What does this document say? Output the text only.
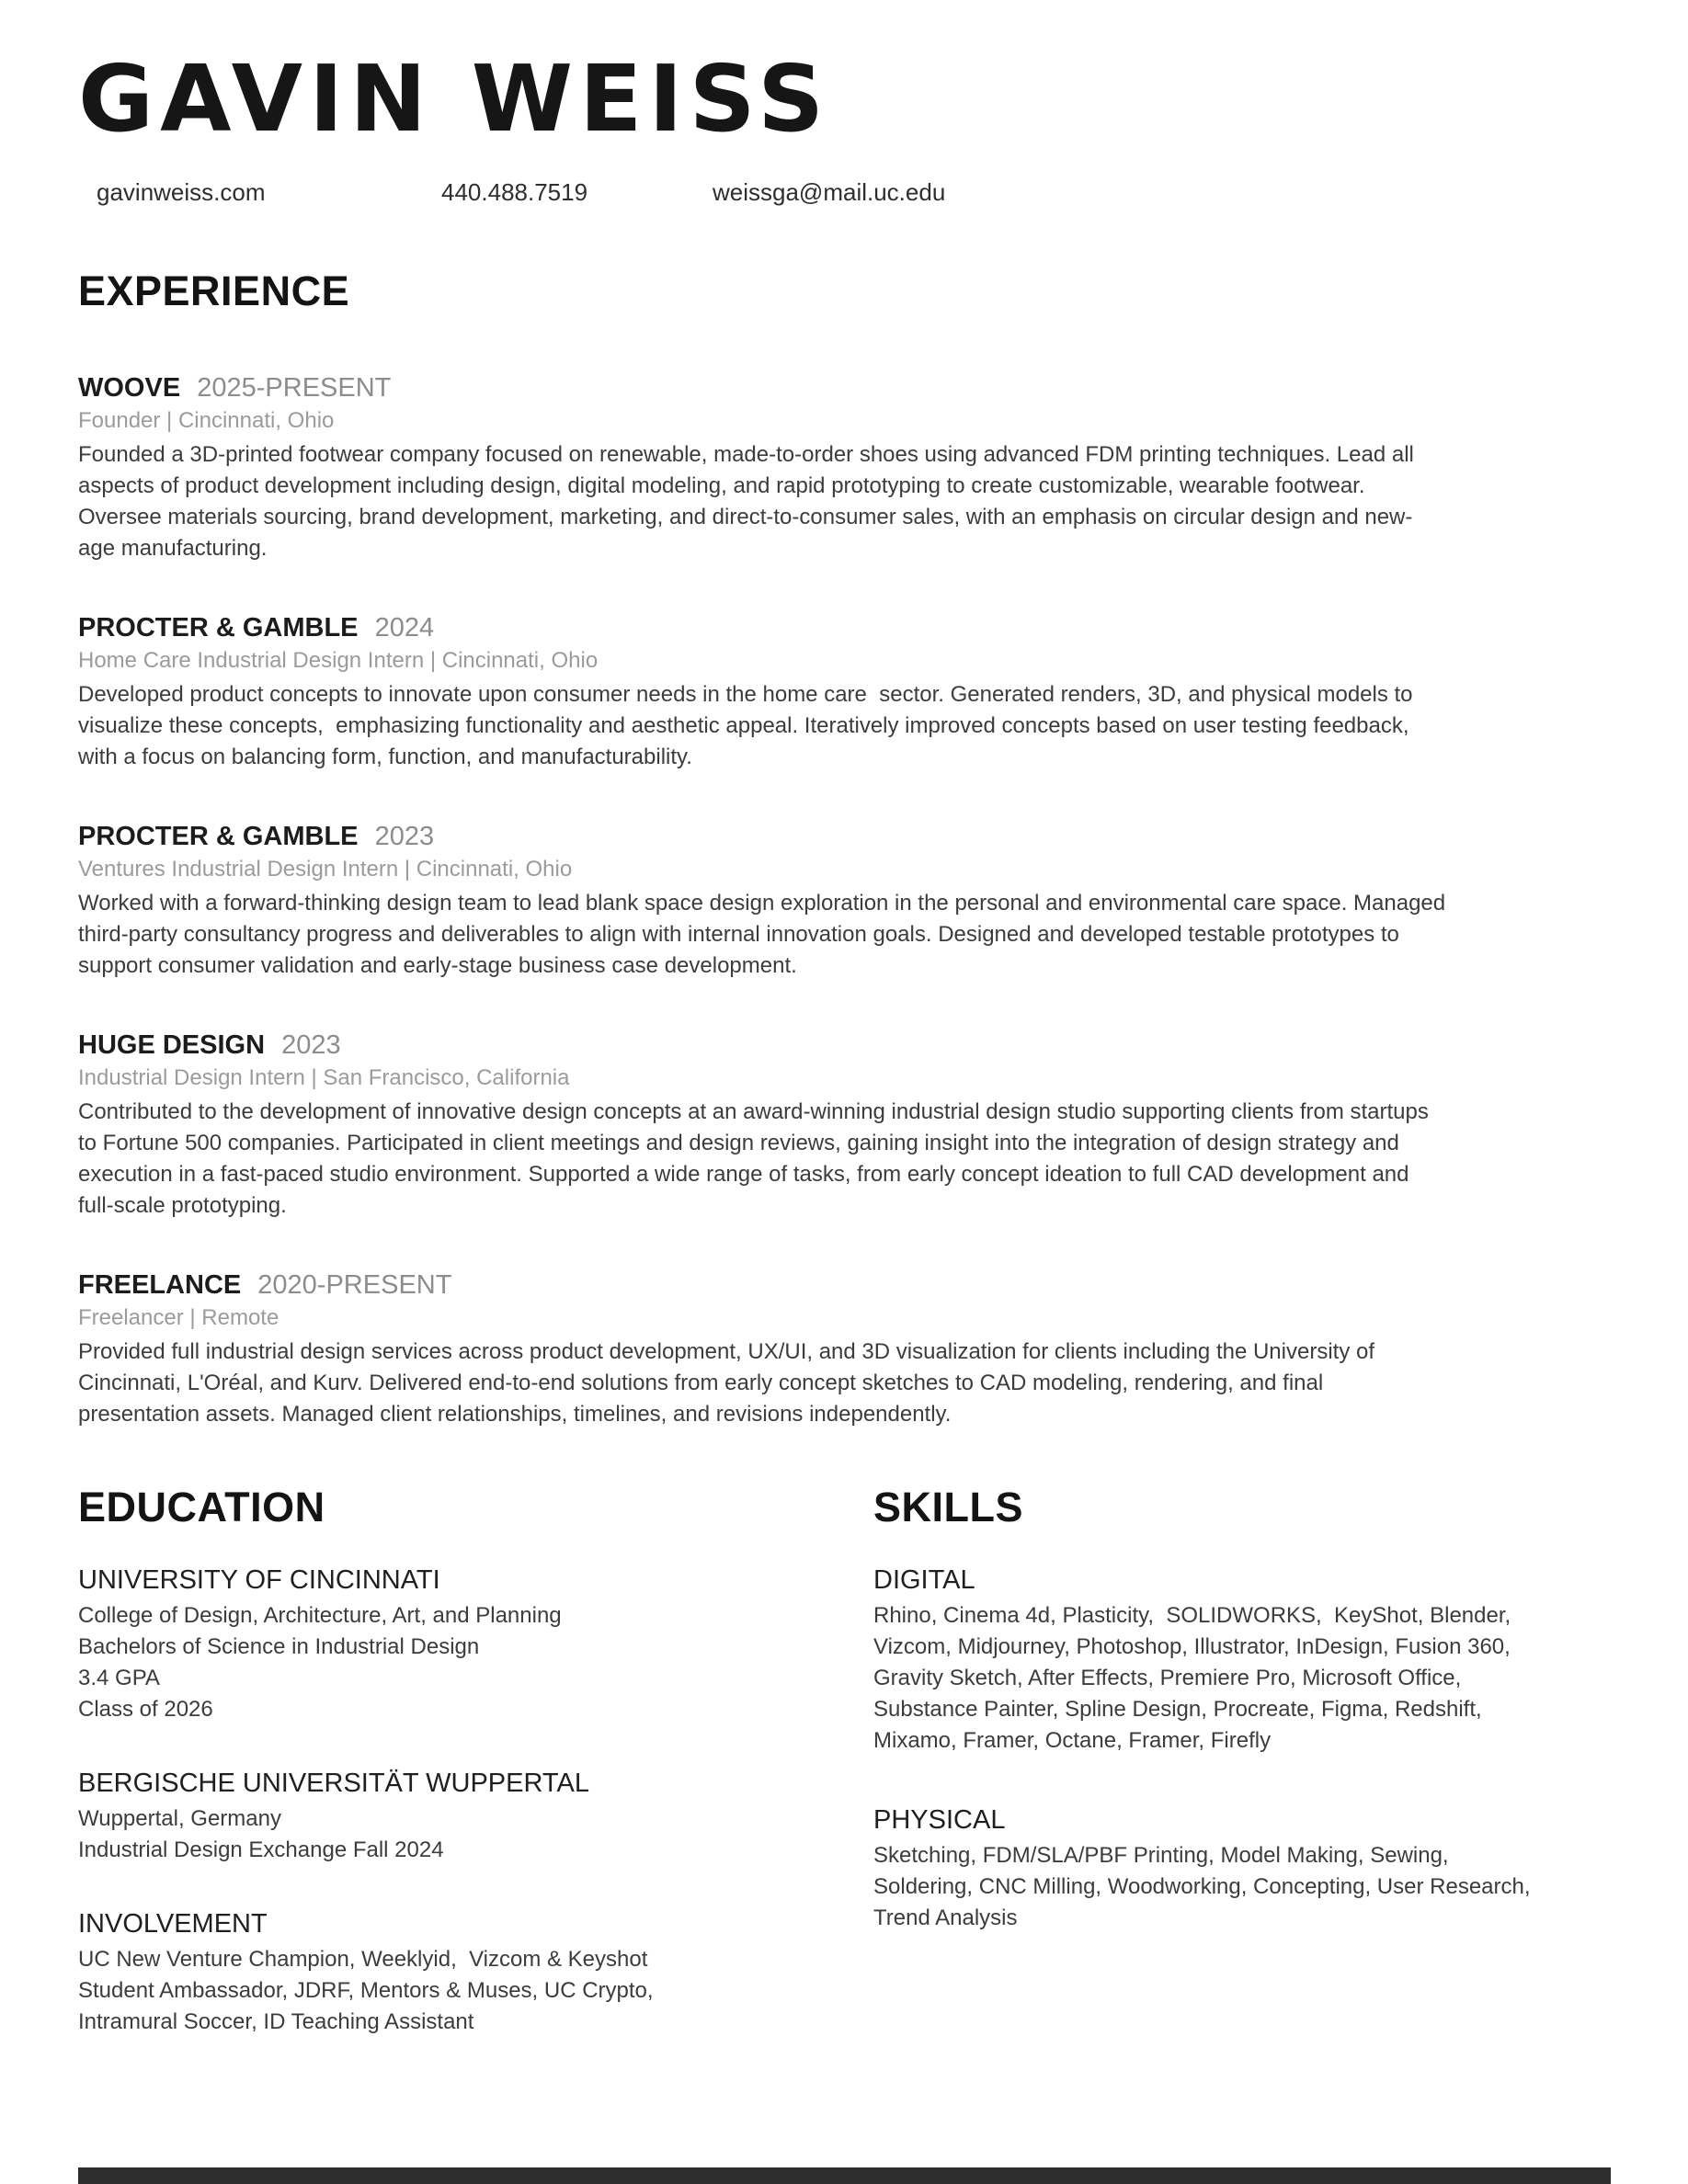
GAVIN WEISS
gavinweiss.com	440.488.7519	weissga@mail.uc.edu
EXPERIENCE
WOOVE 2025-PRESENT
Founder | Cincinnati, Ohio

Founded a 3D-printed footwear company focused on renewable, made-to-order shoes using advanced FDM printing techniques. Lead all aspects of product development including design, digital modeling, and rapid prototyping to create customizable, wearable footwear. Oversee materials sourcing, brand development, marketing, and direct-to-consumer sales, with an emphasis on circular design and new-age manufacturing.

PROCTER & GAMBLE 2024
Home Care Industrial Design Intern | Cincinnati, Ohio

Developed product concepts to innovate upon consumer needs in the home care  sector. Generated renders, 3D, and physical models to visualize these concepts,  emphasizing functionality and aesthetic appeal. Iteratively improved concepts based on user testing feedback, with a focus on balancing form, function, and manufacturability.

PROCTER & GAMBLE 2023
Ventures Industrial Design Intern | Cincinnati, Ohio

Worked with a forward-thinking design team to lead blank space design exploration in the personal and environmental care space. Managed third-party consultancy progress and deliverables to align with internal innovation goals. Designed and developed testable prototypes to support consumer validation and early-stage business case development.

HUGE DESIGN 2023
Industrial Design Intern | San Francisco, California

Contributed to the development of innovative design concepts at an award-winning industrial design studio supporting clients from startups to Fortune 500 companies. Participated in client meetings and design reviews, gaining insight into the integration of design strategy and execution in a fast-paced studio environment. Supported a wide range of tasks, from early concept ideation to full CAD development and full-scale prototyping.

FREELANCE 2020-PRESENT
Freelancer | Remote

Provided full industrial design services across product development, UX/UI, and 3D visualization for clients including the University of Cincinnati, L'Oréal, and Kurv. Delivered end-to-end solutions from early concept sketches to CAD modeling, rendering, and final presentation assets. Managed client relationships, timelines, and revisions independently.

EDUCATION
UNIVERSITY OF CINCINNATI
College of Design, Architecture, Art, and Planning
Bachelors of Science in Industrial Design
3.4 GPA
Class of 2026
BERGISCHE UNIVERSITÄT WUPPERTAL
Wuppertal, Germany
Industrial Design Exchange Fall 2024
INVOLVEMENT

UC New Venture Champion, Weeklyid,  Vizcom & Keyshot Student Ambassador, JDRF, Mentors & Muses, UC Crypto, Intramural Soccer, ID Teaching Assistant

SKILLS
DIGITAL

Rhino, Cinema 4d, Plasticity,  SOLIDWORKS,  KeyShot, Blender, Vizcom, Midjourney, Photoshop, Illustrator, InDesign, Fusion 360, Gravity Sketch, After Effects, Premiere Pro, Microsoft Office, Substance Painter, Spline Design, Procreate, Figma, Redshift, Mixamo, Framer, Octane, Framer, Firefly

PHYSICAL

Sketching, FDM/SLA/PBF Printing, Model Making, Sewing, Soldering, CNC Milling, Woodworking, Concepting, User Research, Trend Analysis
